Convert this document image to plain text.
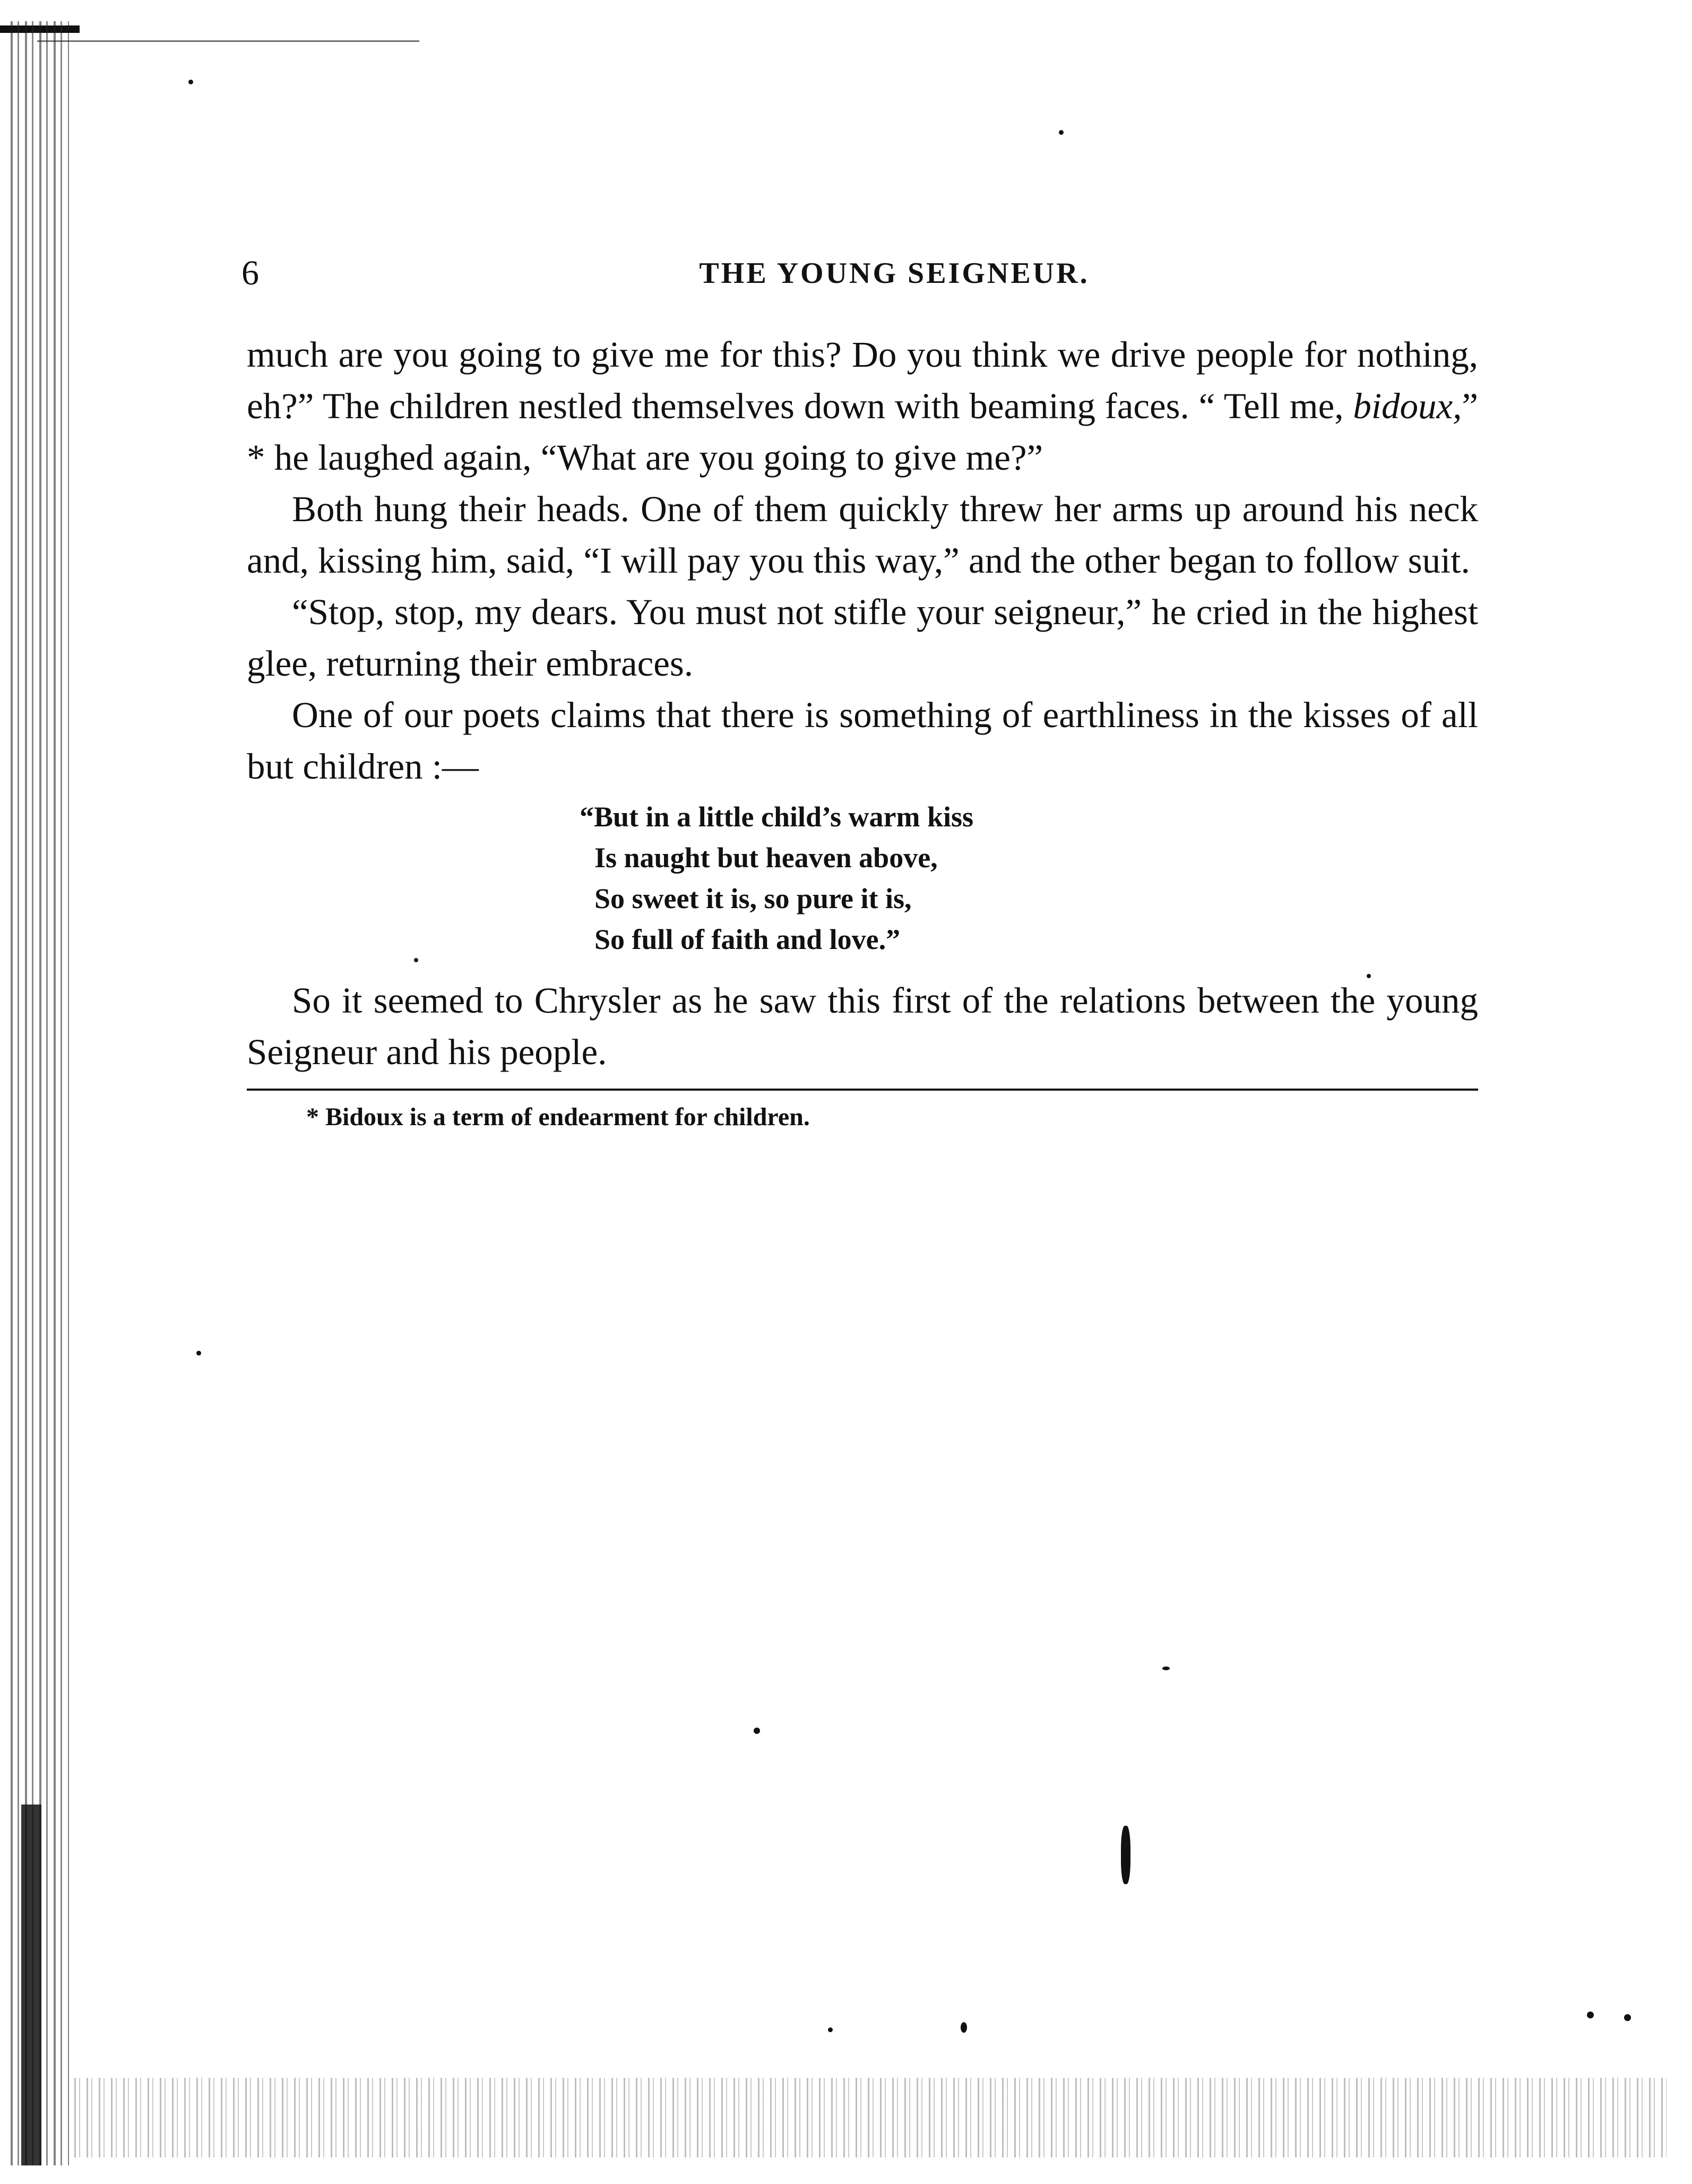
6	THE YOUNG SEIGNEUR.

much are you going to give me for this? Do you think we drive people for nothing, eh?” The children nestled themselves down with beaming faces. “ Tell me, bidoux,” * he laughed again, “What are you going to give me?”

Both hung their heads. One of them quickly threw her arms up around his neck and, kissing him, said, “I will pay you this way,” and the other began to follow suit.

“Stop, stop, my dears. You must not stifle your seigneur,” he cried in the highest glee, returning their embraces.

One of our poets claims that there is something of earthliness in the kisses of all but children :—

“But in a little child’s warm kiss
Is naught but heaven above,
So sweet it is, so pure it is,
So full of faith and love.”

So it seemed to Chrysler as he saw this first of the relations between the young Seigneur and his people.

* Bidoux is a term of endearment for children.
